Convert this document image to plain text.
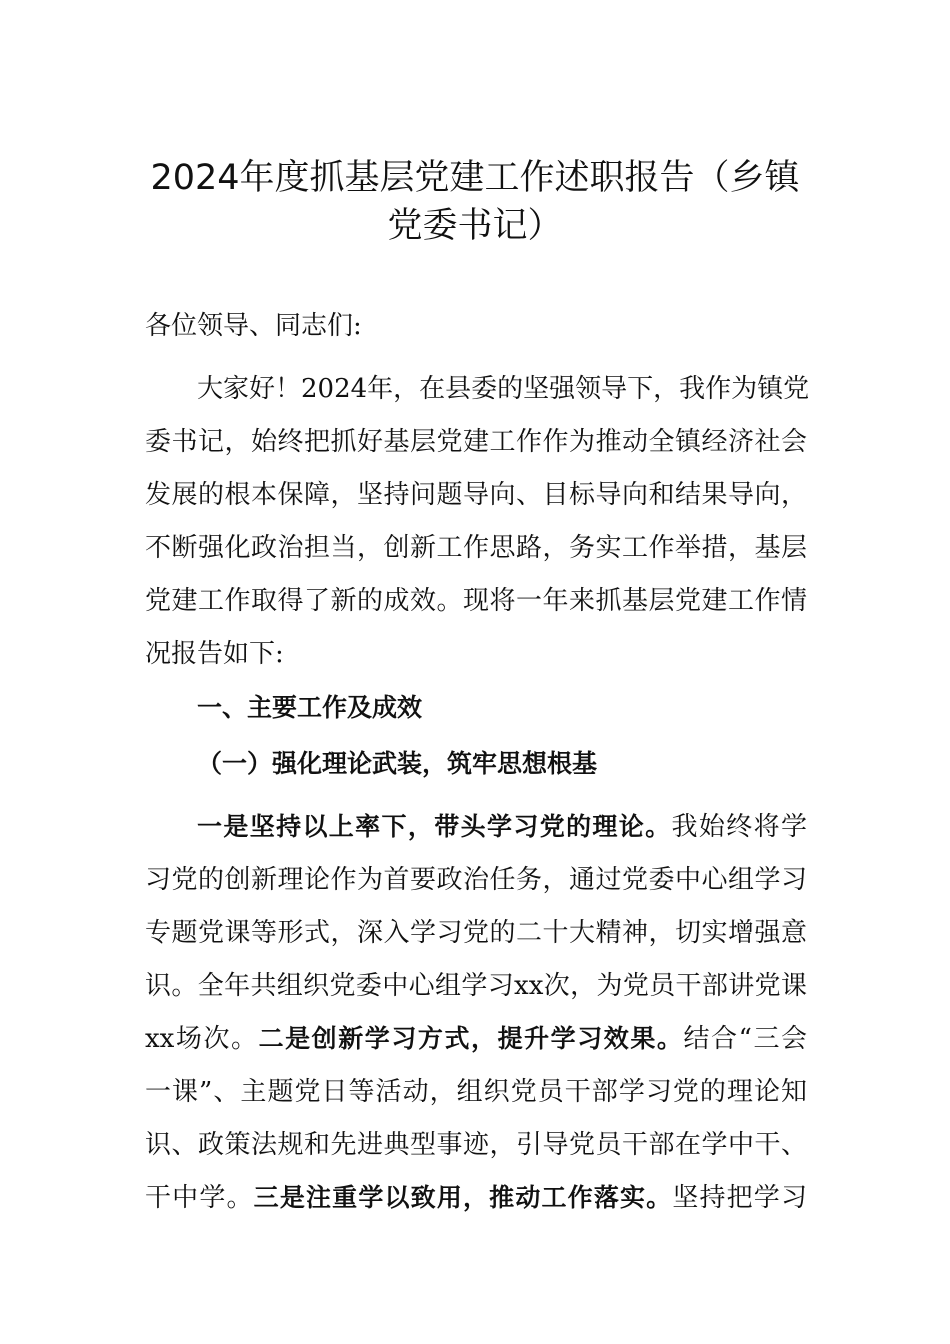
2024年度抓基层党建工作述职报告（乡镇
党委书记）

各位领导、同志们:

大家好！2024年，在县委的坚强领导下，我作为镇党

委书记，始终把抓好基层党建工作作为推动全镇经济社会

发展的根本保障，坚持问题导向、目标导向和结果导向，

不断强化政治担当，创新工作思路，务实工作举措，基层

党建工作取得了新的成效。现将一年来抓基层党建工作情

况报告如下:

一、主要工作及成效

（一）强化理论武装，筑牢思想根基

一是坚持以上率下，带头学习党的理论。我始终将学

习党的创新理论作为首要政治任务，通过党委中心组学习

专题党课等形式，深入学习党的二十大精神，切实增强意

识。全年共组织党委中心组学习xx次，为党员干部讲党课

xx场次。二是创新学习方式，提升学习效果。结合“三会

一课”、主题党日等活动，组织党员干部学习党的理论知

识、政策法规和先进典型事迹，引导党员干部在学中干、

干中学。三是注重学以致用，推动工作落实。坚持把学习
